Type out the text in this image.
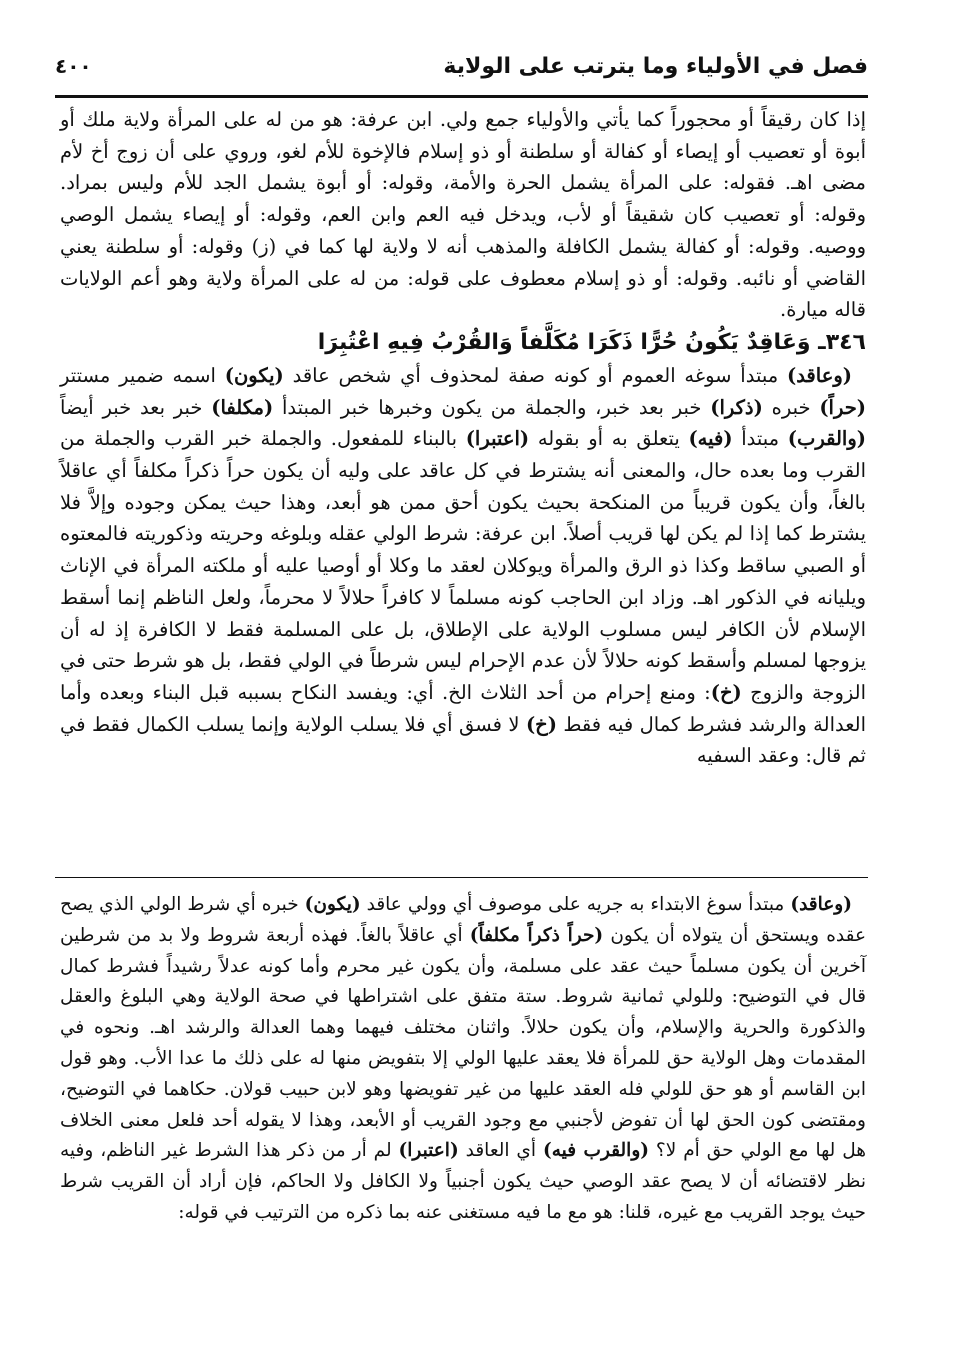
فصل في الأولياء وما يترتب على الولاية
٤٠٠

إذا كان رقيقاً أو محجوراً كما يأتي والأولياء جمع ولي. ابن عرفة: هو من له على المرأة ولاية ملك أو أبوة أو تعصيب أو إيصاء أو كفالة أو سلطنة أو ذو إسلام فالإخوة للأم لغو، وروي على أن زوج أخ لأم مضى اهـ. فقوله: على المرأة يشمل الحرة والأمة، وقوله: أو أبوة يشمل الجد للأم وليس بمراد. وقوله: أو تعصيب كان شقيقاً أو لأب، ويدخل فيه العم وابن العم، وقوله: أو إيصاء يشمل الوصي ووصيه. وقوله: أو كفالة يشمل الكافلة والمذهب أنه لا ولاية لها كما في (ز) وقوله: أو سلطنة يعني القاضي أو نائبه. وقوله: أو ذو إسلام معطوف على قوله: من له على المرأة ولاية وهو أعم الولايات قاله ميارة.

٣٤٦ـ وَعَاقِدٌ يَكُونُ حُرًّا ذَكَرَا مُكَلَّفاً وَالقُرْبُ فِيهِ اعْتُبِرَا

(وعاقد) مبتدأ سوغه العموم أو كونه صفة لمحذوف أي شخص عاقد (يكون) اسمه ضمير مستتر (حراً) خبره (ذكرا) خبر بعد خبر، والجملة من يكون وخبرها خبر المبتدأ (مكلفا) خبر بعد خبر أيضاً (والقرب) مبتدأ (فيه) يتعلق به أو بقوله (اعتبرا) بالبناء للمفعول. والجملة خبر القرب والجملة من القرب وما بعده حال، والمعنى أنه يشترط في كل عاقد على وليه أن يكون حراً ذكراً مكلفاً أي عاقلاً بالغاً، وأن يكون قريباً من المنكحة بحيث يكون أحق ممن هو أبعد، وهذا حيث يمكن وجوده وإلاَّ فلا يشترط كما إذا لم يكن لها قريب أصلاً. ابن عرفة: شرط الولي عقله وبلوغه وحريته وذكوريته فالمعتوه أو الصبي ساقط وكذا ذو الرق والمرأة ويوكلان لعقد ما وكلا أو أوصيا عليه أو ملكته المرأة في الإناث ويليانه في الذكور اهـ. وزاد ابن الحاجب كونه مسلماً لا كافراً حلالاً لا محرماً، ولعل الناظم إنما أسقط الإسلام لأن الكافر ليس مسلوب الولاية على الإطلاق، بل على المسلمة فقط لا الكافرة إذ له أن يزوجها لمسلم وأسقط كونه حلالاً لأن عدم الإحرام ليس شرطاً في الولي فقط، بل هو شرط حتى في الزوجة والزوج (خ): ومنع إحرام من أحد الثلاث الخ. أي: ويفسد النكاح بسببه قبل البناء وبعده وأما العدالة والرشد فشرط كمال فيه فقط (خ) لا فسق أي فلا يسلب الولاية وإنما يسلب الكمال فقط في ثم قال: وعقد السفيه

(وعاقد) مبتدأ سوغ الابتداء به جريه على موصوف أي وولي عاقد (يكون) خبره أي شرط الولي الذي يصح عقده ويستحق أن يتولاه أن يكون (حراً ذكراً مكلفاً) أي عاقلاً بالغاً. فهذه أربعة شروط ولا بد من شرطين آخرين أن يكون مسلماً حيث عقد على مسلمة، وأن يكون غير محرم وأما كونه عدلاً رشيداً فشرط كمال قال في التوضيح: وللولي ثمانية شروط. ستة متفق على اشتراطها في صحة الولاية وهي البلوغ والعقل والذكورة والحرية والإسلام، وأن يكون حلالاً. واثنان مختلف فيهما وهما العدالة والرشد اهـ. ونحوه في المقدمات وهل الولاية حق للمرأة فلا يعقد عليها الولي إلا بتفويض منها له على ذلك ما عدا الأب. وهو قول ابن القاسم أو هو حق للولي فله العقد عليها من غير تفويضها وهو لابن حبيب قولان. حكاهما في التوضيح، ومقتضى كون الحق لها أن تفوض لأجنبي مع وجود القريب أو الأبعد، وهذا لا يقوله أحد فلعل معنى الخلاف هل لها مع الولي حق أم لا؟ (والقرب فيه) أي العاقد (اعتبرا) لم أر من ذكر هذا الشرط غير الناظم، وفيه نظر لاقتضائه أن لا يصح عقد الوصي حيث يكون أجنبياً ولا الكافل ولا الحاكم، فإن أراد أن القريب شرط حيث يوجد القريب مع غيره، قلنا: هو مع ما فيه مستغنى عنه بما ذكره من الترتيب في قوله:
